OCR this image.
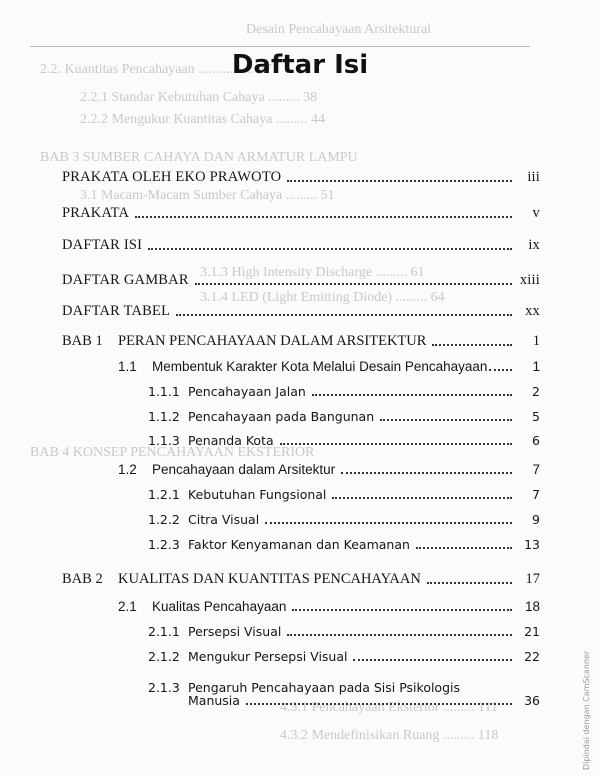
Desain Pencahayaan Arsitektural
2.2. Kuantitas Pencahayaan ................ 37
2.2.1 Standar Kebutuhan Cahaya ......... 38
2.2.2 Mengukur Kuantitas Cahaya ......... 44
BAB 3 SUMBER CAHAYA DAN ARMATUR LAMPU
3.1 Macam-Macam Sumber Cahaya ......... 51
3.1.3 High Intensity Discharge ......... 61
3.1.4 LED (Light Emitting Diode) ......... 64
BAB 4 KONSEP PENCAHAYAAN EKSTERIOR
4.3.1 Pencahayaan Eksterior ......... 111
4.3.2 Mendefinisikan Ruang ......... 118
Daftar Isi
PRAKATA OLEH EKO PRAWOTO	iii
PRAKATA	v
DAFTAR ISI	ix
DAFTAR GAMBAR	xiii
DAFTAR TABEL	xx
BAB 1	PERAN PENCAHAYAAN DALAM ARSITEKTUR	1
1.1	Membentuk Karakter Kota Melalui Desain Pencahayaan	1
1.1.1 Pencahayaan Jalan	2
1.1.2 Pencahayaan pada Bangunan	5
1.1.3 Penanda Kota	6
1.2	Pencahayaan dalam Arsitektur	7
1.2.1 Kebutuhan Fungsional	7
1.2.2 Citra Visual	9
1.2.3 Faktor Kenyamanan dan Keamanan	13
BAB 2	KUALITAS DAN KUANTITAS PENCAHAYAAN	17
2.1	Kualitas Pencahayaan	18
2.1.1 Persepsi Visual	21
2.1.2 Mengukur Persepsi Visual	22
2.1.3 Pengaruh Pencahayaan pada Sisi Psikologis
Manusia	36	Dipindai dengan CamScanner
